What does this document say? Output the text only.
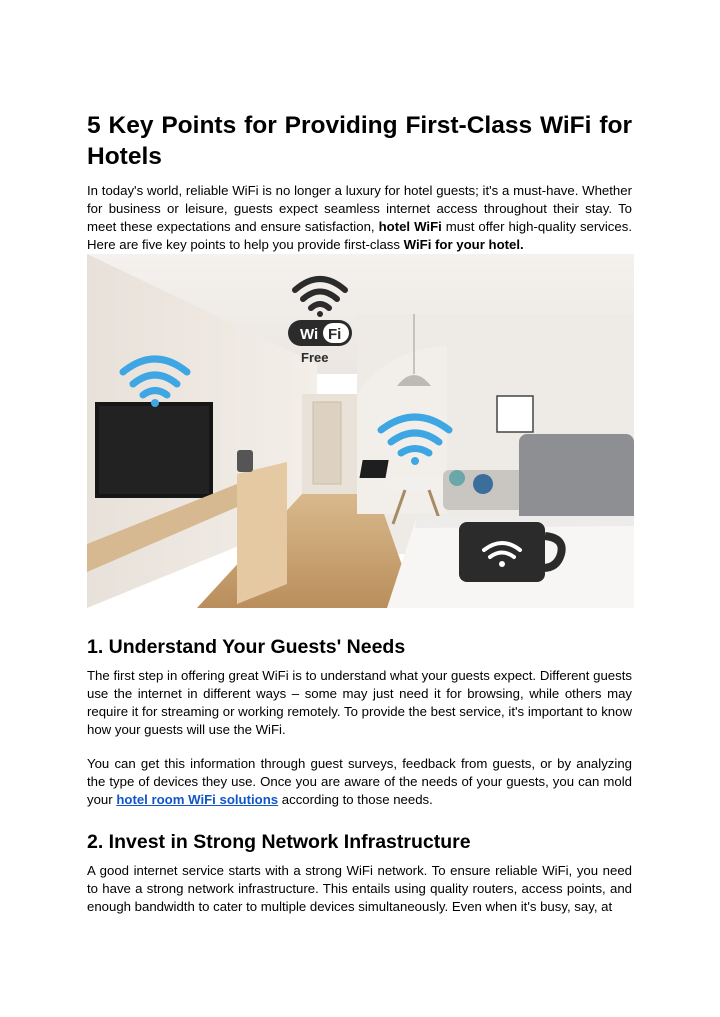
5 Key Points for Providing First-Class WiFi for Hotels

In today's world, reliable WiFi is no longer a luxury for hotel guests; it's a must-have. Whether for business or leisure, guests expect seamless internet access throughout their stay. To meet these expectations and ensure satisfaction, hotel WiFi must offer high-quality services. Here are five key points to help you provide first-class WiFi for your hotel.

Wi Fi
Free
1. Understand Your Guests' Needs

The first step in offering great WiFi is to understand what your guests expect. Different guests use the internet in different ways – some may just need it for browsing, while others may require it for streaming or working remotely. To provide the best service, it's important to know how your guests will use the WiFi.

You can get this information through guest surveys, feedback from guests, or by analyzing the type of devices they use. Once you are aware of the needs of your guests, you can mold your hotel room WiFi solutions according to those needs.

2. Invest in Strong Network Infrastructure

A good internet service starts with a strong WiFi network. To ensure reliable WiFi, you need to have a strong network infrastructure. This entails using quality routers, access points, and enough bandwidth to cater to multiple devices simultaneously. Even when it's busy, say, at
